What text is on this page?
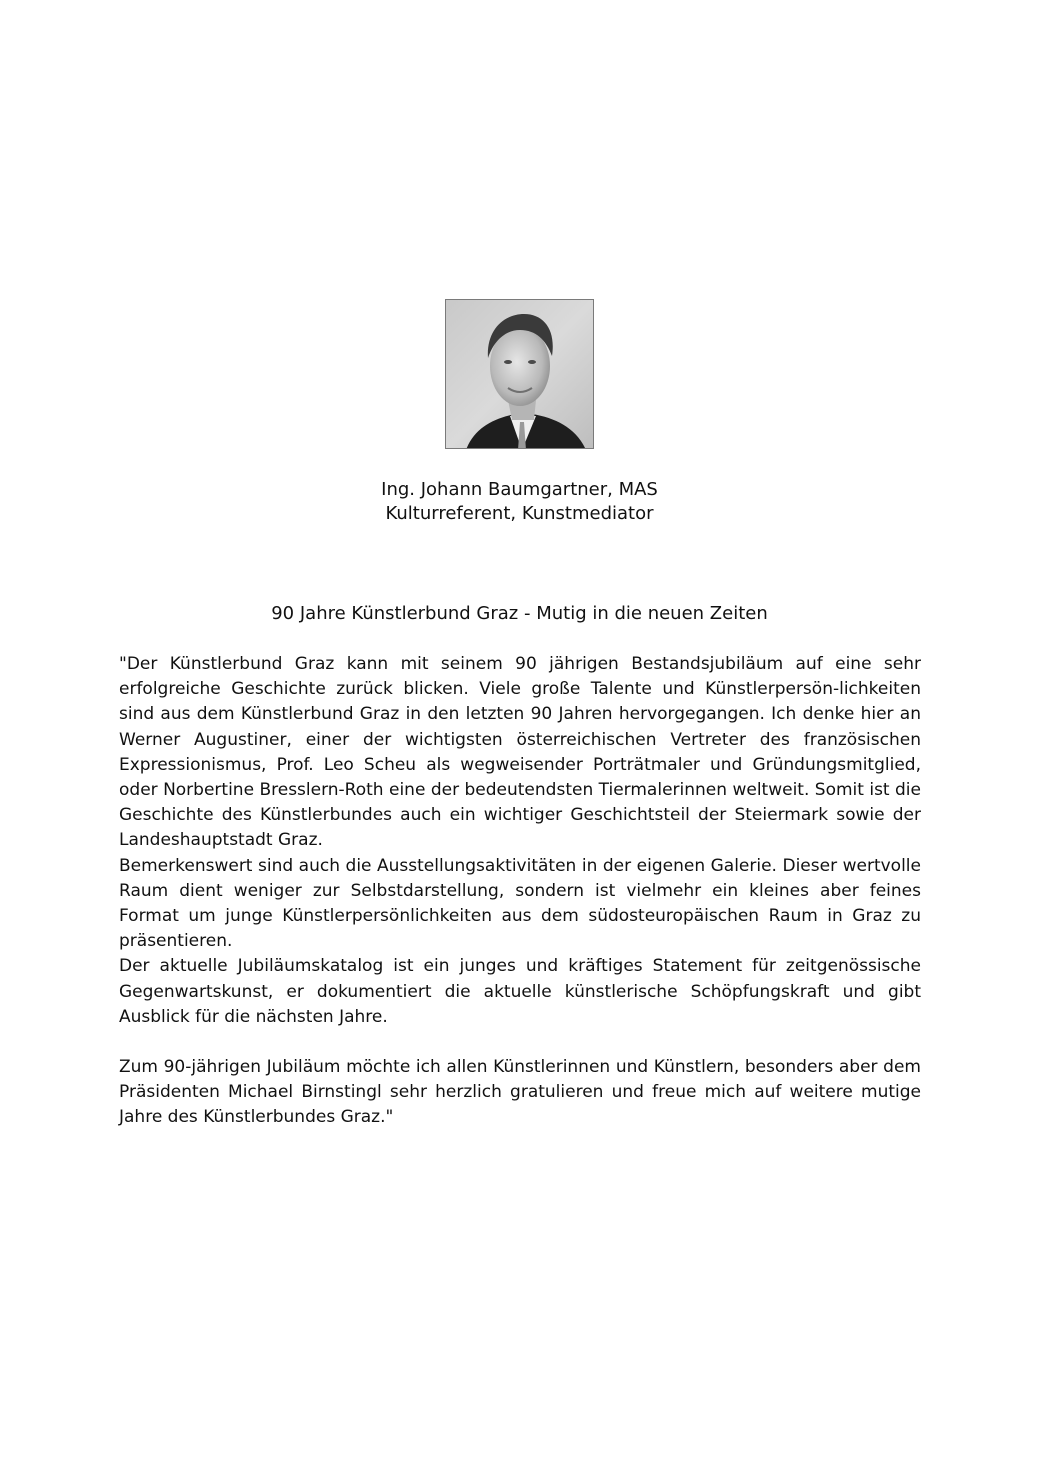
Ing. Johann Baumgartner, MAS
Kulturreferent, Kunstmediator
90 Jahre Künstlerbund Graz - Mutig in die neuen Zeiten

"Der Künstlerbund Graz kann mit seinem 90 jährigen Bestandsjubiläum auf eine sehr erfolgreiche Geschichte zurück blicken. Viele große Talente und Künstlerpersön-lichkeiten sind aus dem Künstlerbund Graz in den letzten 90 Jahren hervorgegangen. Ich denke hier an Werner Augustiner, einer der wichtigsten österreichischen Vertreter des französischen Expressionismus, Prof. Leo Scheu als wegweisender Porträtmaler und Gründungsmitglied, oder Norbertine Bresslern-Roth eine der bedeutendsten Tiermalerinnen weltweit. Somit ist die Geschichte des Künstlerbundes auch ein wichtiger Geschichtsteil der Steiermark sowie der Landeshauptstadt Graz.

Bemerkenswert sind auch die Ausstellungsaktivitäten in der eigenen Galerie. Dieser wertvolle Raum dient weniger zur Selbstdarstellung, sondern ist vielmehr ein kleines aber feines Format um junge Künstlerpersönlichkeiten aus dem südosteuropäischen Raum in Graz zu präsentieren.

Der aktuelle Jubiläumskatalog ist ein junges und kräftiges Statement für zeitgenössische Gegenwartskunst, er dokumentiert die aktuelle künstlerische Schöpfungskraft und gibt Ausblick für die nächsten Jahre.

Zum 90-jährigen Jubiläum möchte ich allen Künstlerinnen und Künstlern, besonders aber dem Präsidenten Michael Birnstingl sehr herzlich gratulieren und freue mich auf weitere mutige Jahre des Künstlerbundes Graz."
